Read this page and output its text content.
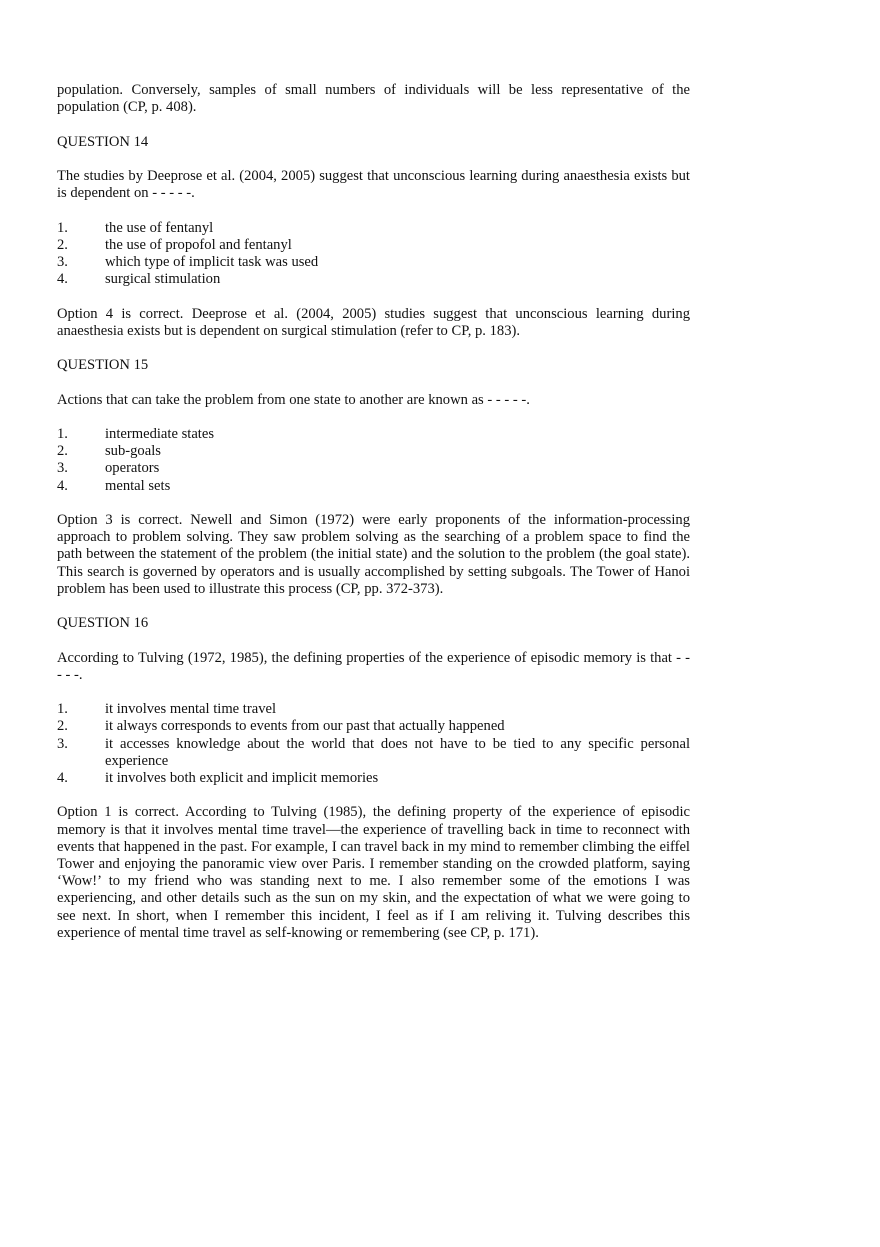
population. Conversely, samples of small numbers of individuals will be less representative of the population (CP, p. 408).

QUESTION 14

The studies by Deeprose et al. (2004, 2005) suggest that unconscious learning during anaesthesia exists but is dependent on - - - - -.

1.	the use of fentanyl
2.	the use of propofol and fentanyl
3.	which type of implicit task was used
4.	surgical stimulation

Option 4 is correct. Deeprose et al. (2004, 2005) studies suggest that unconscious learning during anaesthesia exists but is dependent on surgical stimulation (refer to CP, p. 183).

QUESTION 15

Actions that can take the problem from one state to another are known as - - - - -.

1.	intermediate states
2.	sub-goals
3.	operators
4.	mental sets

Option 3 is correct. Newell and Simon (1972) were early proponents of the information-processing approach to problem solving. They saw problem solving as the searching of a problem space to find the path between the statement of the problem (the initial state) and the solution to the problem (the goal state). This search is governed by operators and is usually accomplished by setting subgoals. The Tower of Hanoi problem has been used to illustrate this process (CP, pp. 372-373).

QUESTION 16

According to Tulving (1972, 1985), the defining properties of the experience of episodic memory is that - - - - -.

1.	it involves mental time travel
2.	it always corresponds to events from our past that actually happened
3.	it accesses knowledge about the world that does not have to be tied to any specific personal experience
4.	it involves both explicit and implicit memories

Option 1 is correct. According to Tulving (1985), the defining property of the experience of episodic memory is that it involves mental time travel—the experience of travelling back in time to reconnect with events that happened in the past. For example, I can travel back in my mind to remember climbing the eiffel Tower and enjoying the panoramic view over Paris. I remember standing on the crowded platform, saying ‘Wow!’ to my friend who was standing next to me. I also remember some of the emotions I was experiencing, and other details such as the sun on my skin, and the expectation of what we were going to see next. In short, when I remember this incident, I feel as if I am reliving it. Tulving describes this experience of mental time travel as self-knowing or remembering (see CP, p. 171).
